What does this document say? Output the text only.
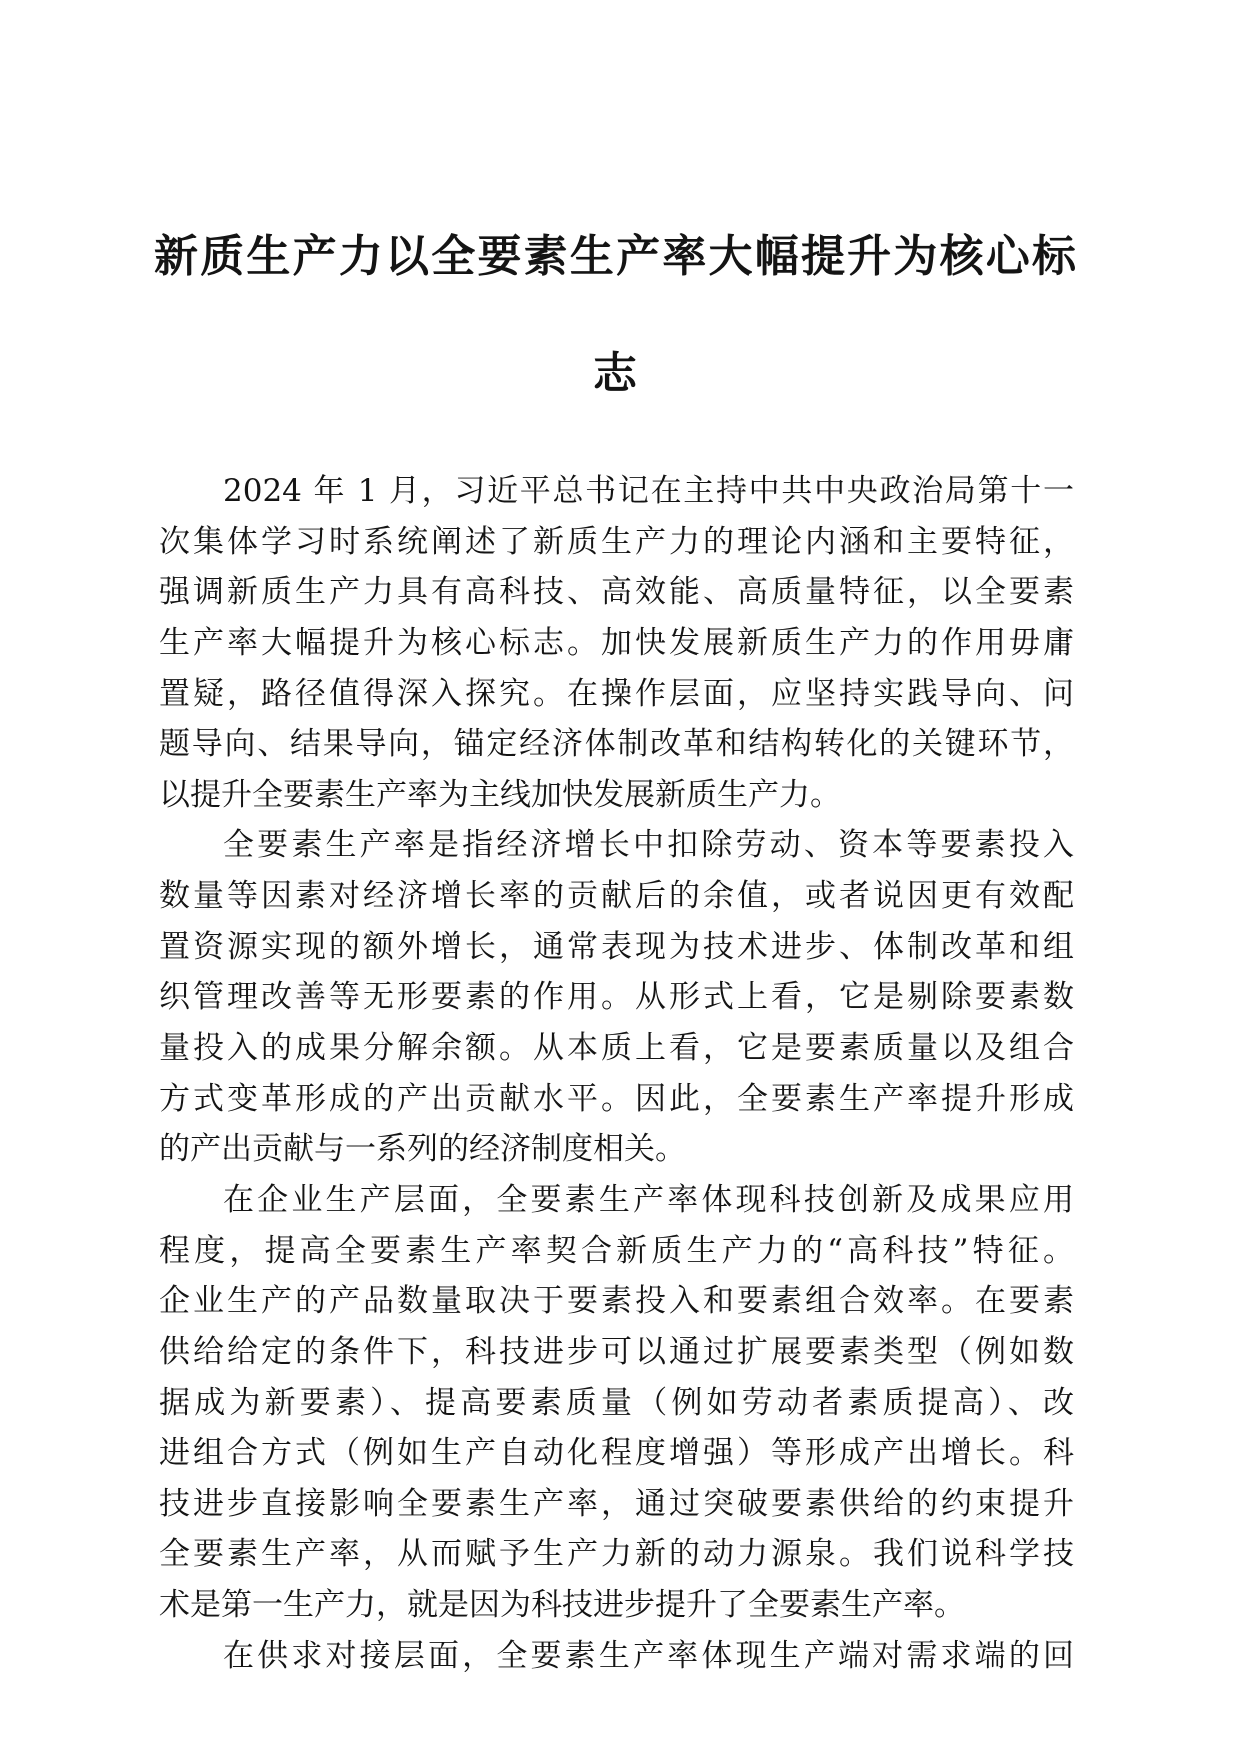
新质生产力以全要素生产率大幅提升为核心标
志
2024 年 1 月，习近平总书记在主持中共中央政治局第十一
次集体学习时系统阐述了新质生产力的理论内涵和主要特征，
强调新质生产力具有高科技、高效能、高质量特征，以全要素
生产率大幅提升为核心标志。加快发展新质生产力的作用毋庸
置疑，路径值得深入探究。在操作层面，应坚持实践导向、问
题导向、结果导向，锚定经济体制改革和结构转化的关键环节，
以提升全要素生产率为主线加快发展新质生产力。
全要素生产率是指经济增长中扣除劳动、资本等要素投入
数量等因素对经济增长率的贡献后的余值，或者说因更有效配
置资源实现的额外增长，通常表现为技术进步、体制改革和组
织管理改善等无形要素的作用。从形式上看，它是剔除要素数
量投入的成果分解余额。从本质上看，它是要素质量以及组合
方式变革形成的产出贡献水平。因此，全要素生产率提升形成
的产出贡献与一系列的经济制度相关。
在企业生产层面，全要素生产率体现科技创新及成果应用
程度，提高全要素生产率契合新质生产力的“高科技”特征。
企业生产的产品数量取决于要素投入和要素组合效率。在要素
供给给定的条件下，科技进步可以通过扩展要素类型（例如数
据成为新要素）、提高要素质量（例如劳动者素质提高）、改
进组合方式（例如生产自动化程度增强）等形成产出增长。科
技进步直接影响全要素生产率，通过突破要素供给的约束提升
全要素生产率，从而赋予生产力新的动力源泉。我们说科学技
术是第一生产力，就是因为科技进步提升了全要素生产率。
在供求对接层面，全要素生产率体现生产端对需求端的回
